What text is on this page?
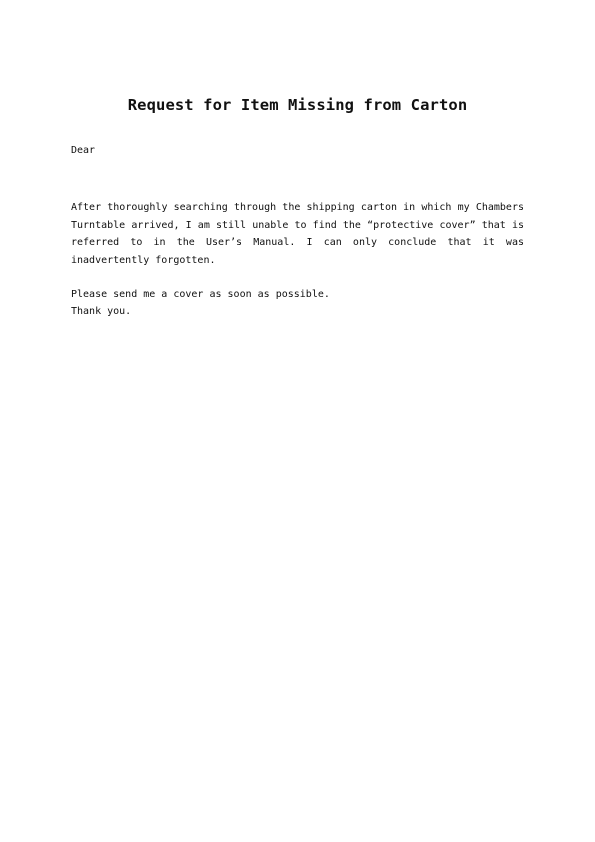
Request for Item Missing from Carton

Dear

After thoroughly searching through the shipping carton in which my Chambers Turntable arrived, I am still unable to find the “protective cover” that is referred to in the User’s Manual. I can only conclude that it was inadvertently forgotten.

Please send me a cover as soon as possible.

Thank you.
